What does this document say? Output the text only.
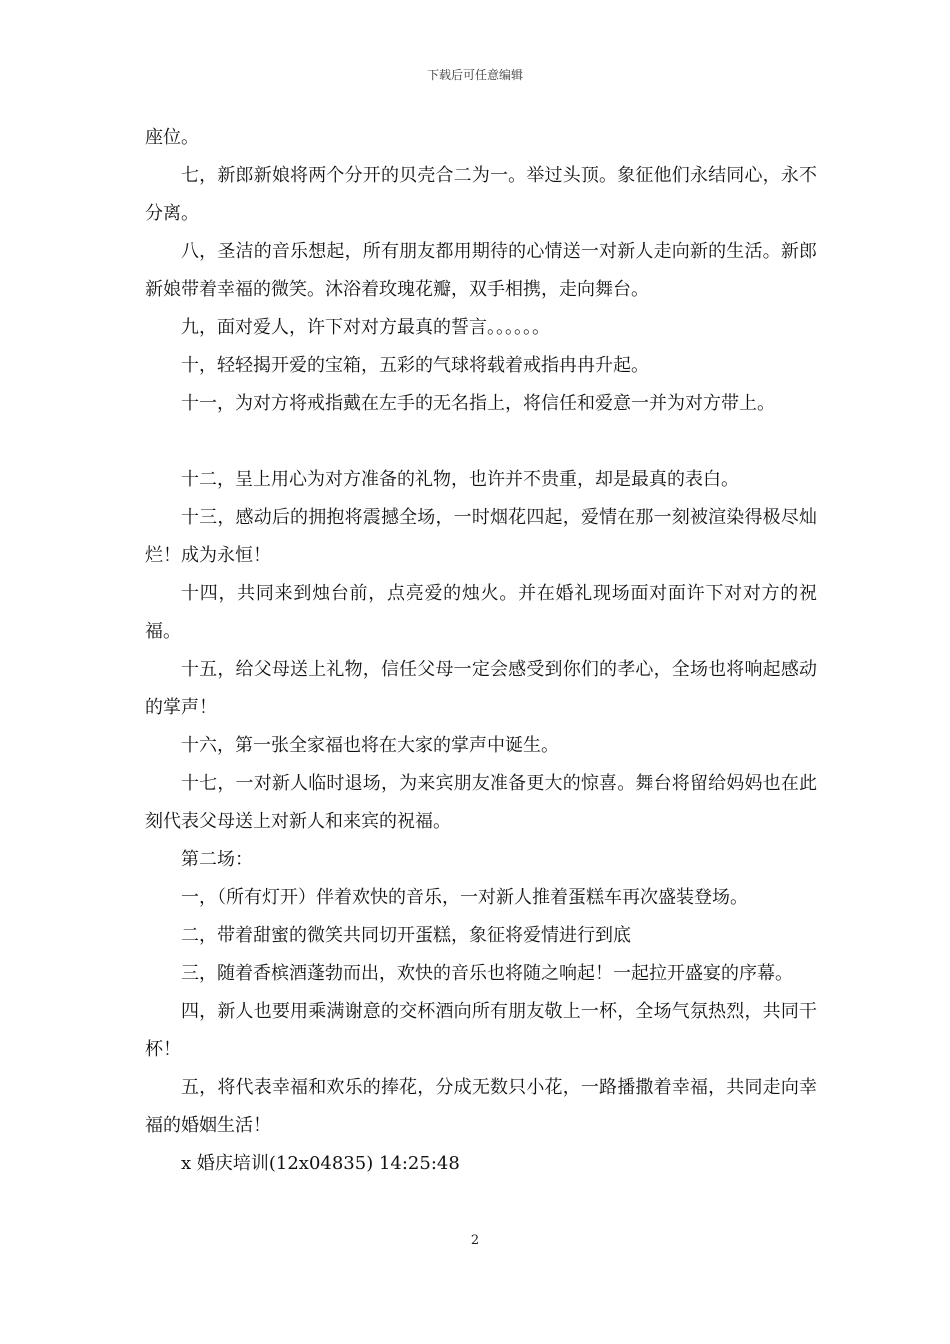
下载后可任意编辑

座位。

七，新郎新娘将两个分开的贝壳合二为一。举过头顶。象征他们永结同心，永不分离。

八，圣洁的音乐想起，所有朋友都用期待的心情送一对新人走向新的生活。新郎新娘带着幸福的微笑。沐浴着玫瑰花瓣，双手相携，走向舞台。

九，面对爱人，许下对对方最真的誓言。。。。。。

十，轻轻揭开爱的宝箱，五彩的气球将载着戒指冉冉升起。

十一，为对方将戒指戴在左手的无名指上，将信任和爱意一并为对方带上。

十二，呈上用心为对方准备的礼物，也许并不贵重，却是最真的表白。

十三，感动后的拥抱将震撼全场，一时烟花四起，爱情在那一刻被渲染得极尽灿烂！成为永恒！

十四，共同来到烛台前，点亮爱的烛火。并在婚礼现场面对面许下对对方的祝福。

十五，给父母送上礼物，信任父母一定会感受到你们的孝心，全场也将响起感动的掌声！

十六，第一张全家福也将在大家的掌声中诞生。

十七，一对新人临时退场，为来宾朋友准备更大的惊喜。舞台将留给妈妈也在此刻代表父母送上对新人和来宾的祝福。

第二场：

一，（所有灯开）伴着欢快的音乐，一对新人推着蛋糕车再次盛装登场。

二，带着甜蜜的微笑共同切开蛋糕，象征将爱情进行到底

三，随着香槟酒蓬勃而出，欢快的音乐也将随之响起！一起拉开盛宴的序幕。

四，新人也要用乘满谢意的交杯酒向所有朋友敬上一杯，全场气氛热烈，共同干杯！

五，将代表幸福和欢乐的捧花，分成无数只小花，一路播撒着幸福，共同走向幸福的婚姻生活！

x 婚庆培训(12x04835) 14:25:48

2
